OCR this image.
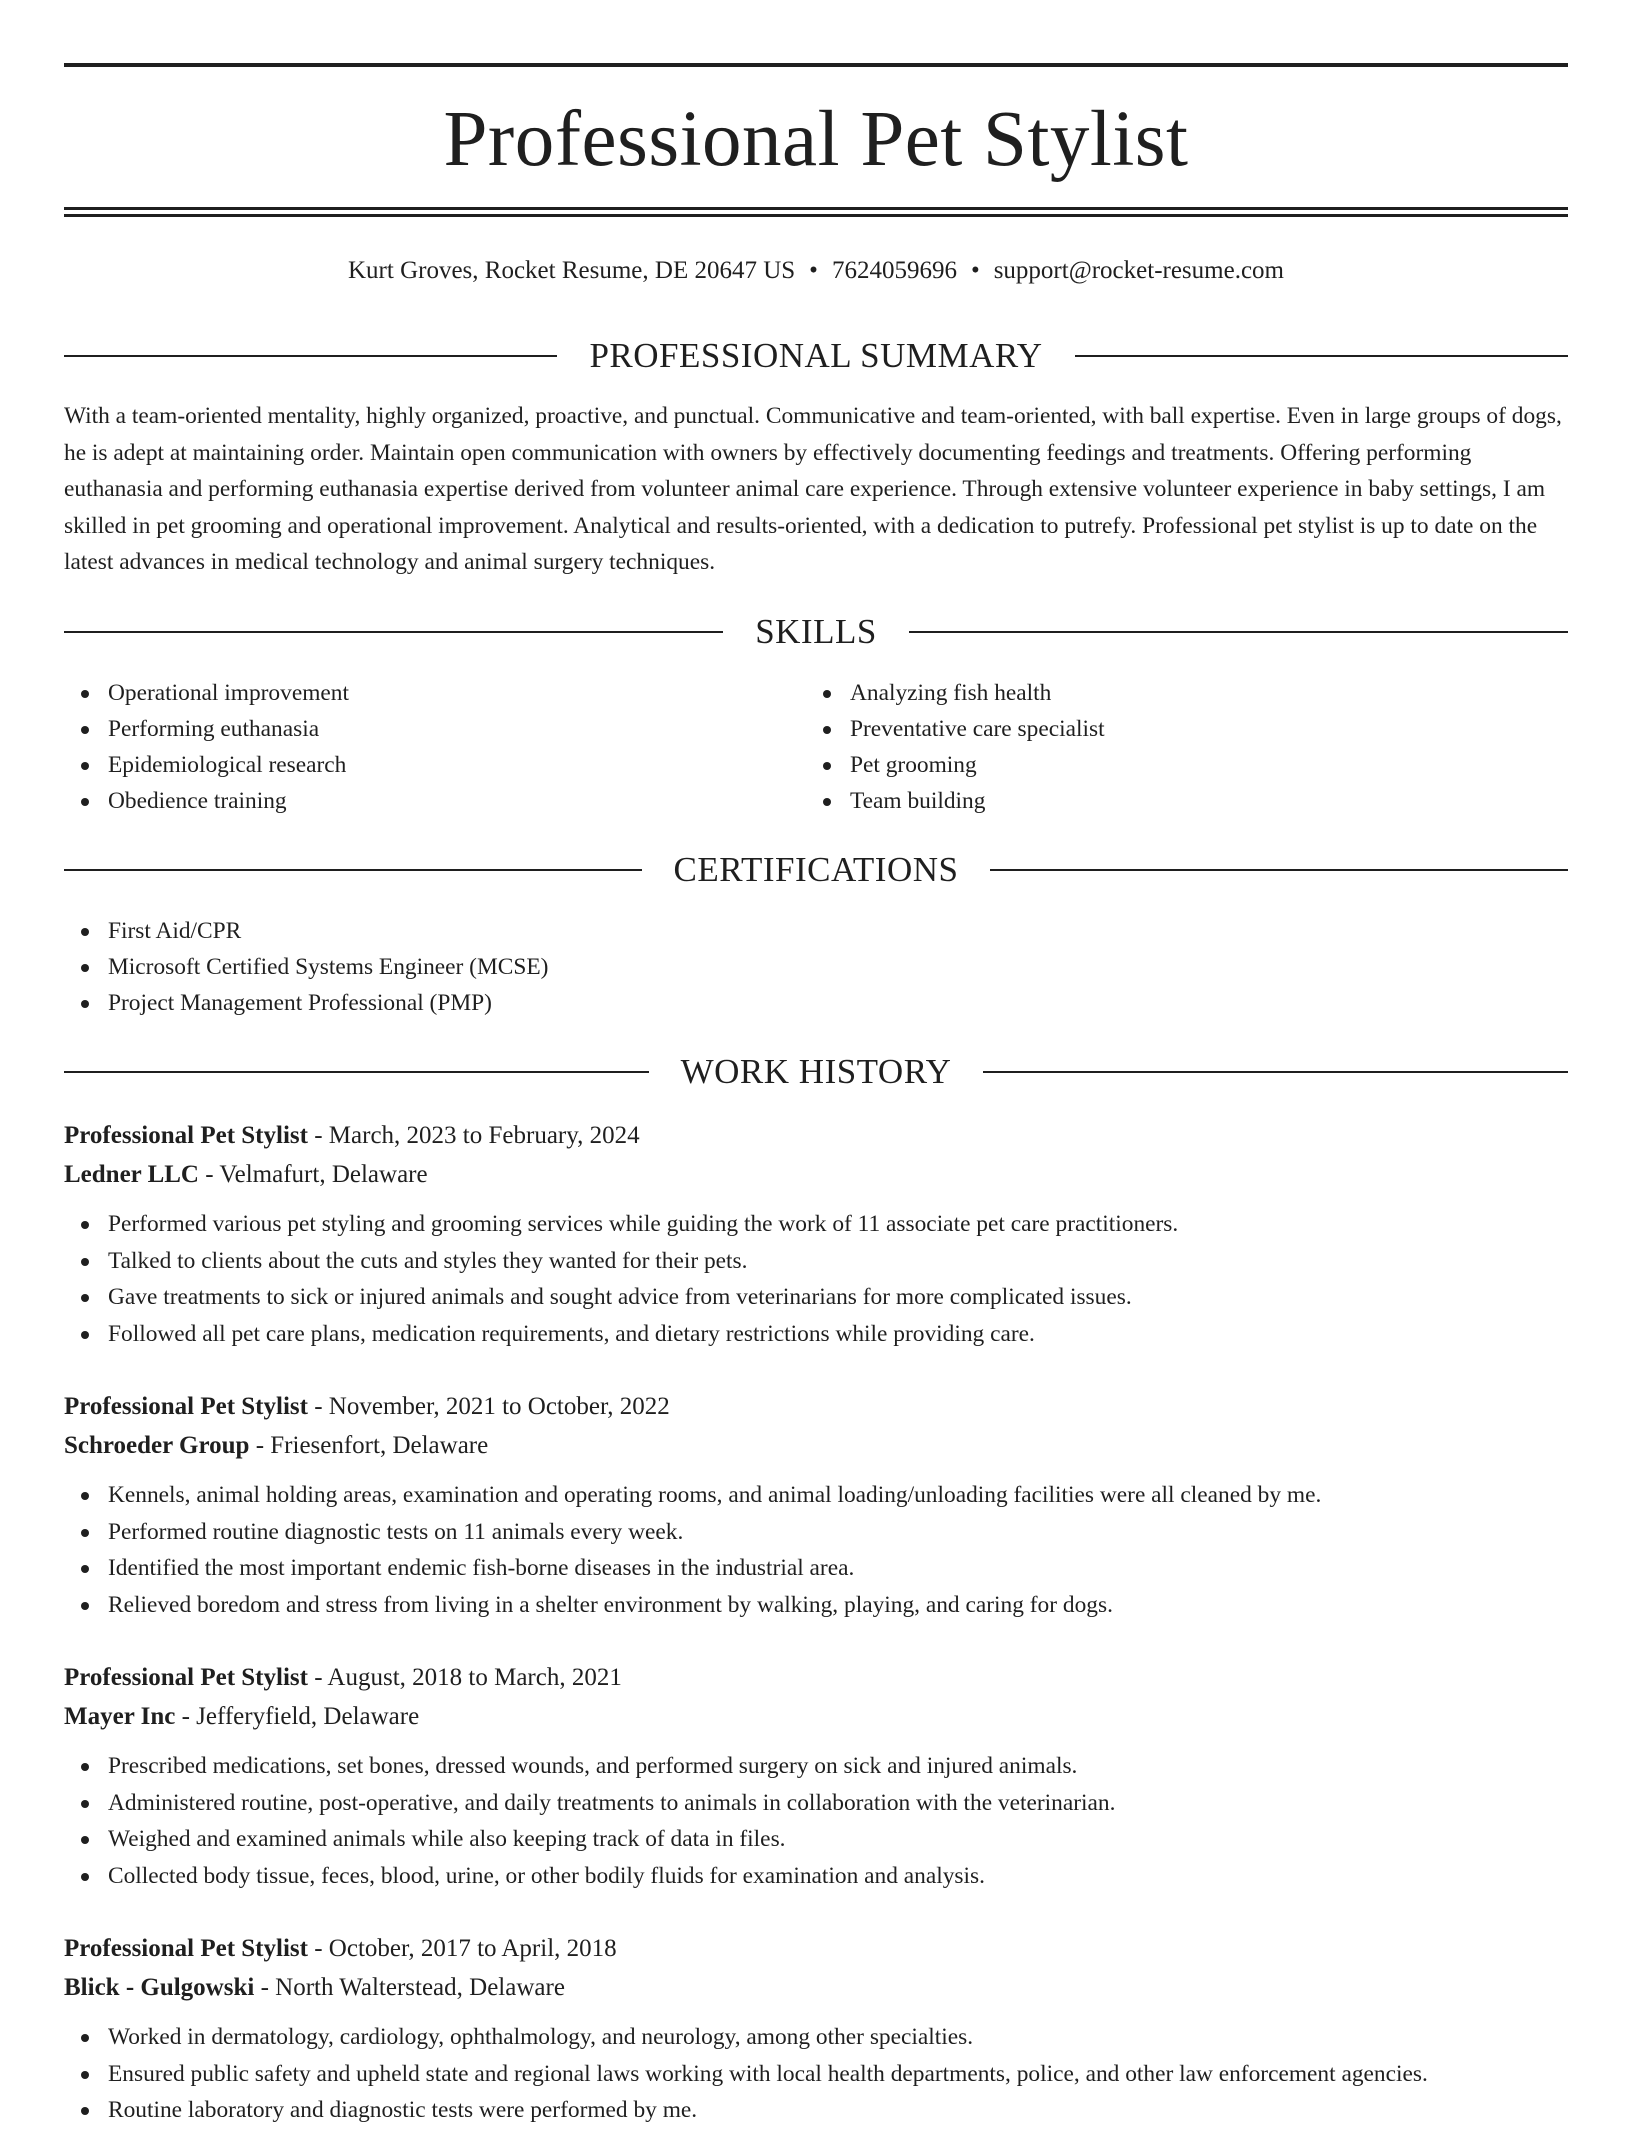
Professional Pet Stylist
Kurt Groves, Rocket Resume, DE 20647 US • 7624059696 • support@rocket-resume.com
PROFESSIONAL SUMMARY

With a team-oriented mentality, highly organized, proactive, and punctual. Communicative and team-oriented, with ball expertise. Even in large groups of dogs, he is adept at maintaining order. Maintain open communication with owners by effectively documenting feedings and treatments. Offering performing euthanasia and performing euthanasia expertise derived from volunteer animal care experience. Through extensive volunteer experience in baby settings, I am skilled in pet grooming and operational improvement. Analytical and results-oriented, with a dedication to putrefy. Professional pet stylist is up to date on the latest advances in medical technology and animal surgery techniques.

SKILLS
Operational improvement
Performing euthanasia
Epidemiological research
Obedience training
Analyzing fish health
Preventative care specialist
Pet grooming
Team building
CERTIFICATIONS
First Aid/CPR
Microsoft Certified Systems Engineer (MCSE)
Project Management Professional (PMP)
WORK HISTORY
Professional Pet Stylist - March, 2023 to February, 2024
Ledner LLC - Velmafurt, Delaware
Performed various pet styling and grooming services while guiding the work of 11 associate pet care practitioners.
Talked to clients about the cuts and styles they wanted for their pets.
Gave treatments to sick or injured animals and sought advice from veterinarians for more complicated issues.
Followed all pet care plans, medication requirements, and dietary restrictions while providing care.
Professional Pet Stylist - November, 2021 to October, 2022
Schroeder Group - Friesenfort, Delaware
Kennels, animal holding areas, examination and operating rooms, and animal loading/unloading facilities were all cleaned by me.
Performed routine diagnostic tests on 11 animals every week.
Identified the most important endemic fish-borne diseases in the industrial area.
Relieved boredom and stress from living in a shelter environment by walking, playing, and caring for dogs.
Professional Pet Stylist - August, 2018 to March, 2021
Mayer Inc - Jefferyfield, Delaware
Prescribed medications, set bones, dressed wounds, and performed surgery on sick and injured animals.
Administered routine, post-operative, and daily treatments to animals in collaboration with the veterinarian.
Weighed and examined animals while also keeping track of data in files.
Collected body tissue, feces, blood, urine, or other bodily fluids for examination and analysis.
Professional Pet Stylist - October, 2017 to April, 2018
Blick - Gulgowski - North Walterstead, Delaware
Worked in dermatology, cardiology, ophthalmology, and neurology, among other specialties.
Ensured public safety and upheld state and regional laws working with local health departments, police, and other law enforcement agencies.
Routine laboratory and diagnostic tests were performed by me.
